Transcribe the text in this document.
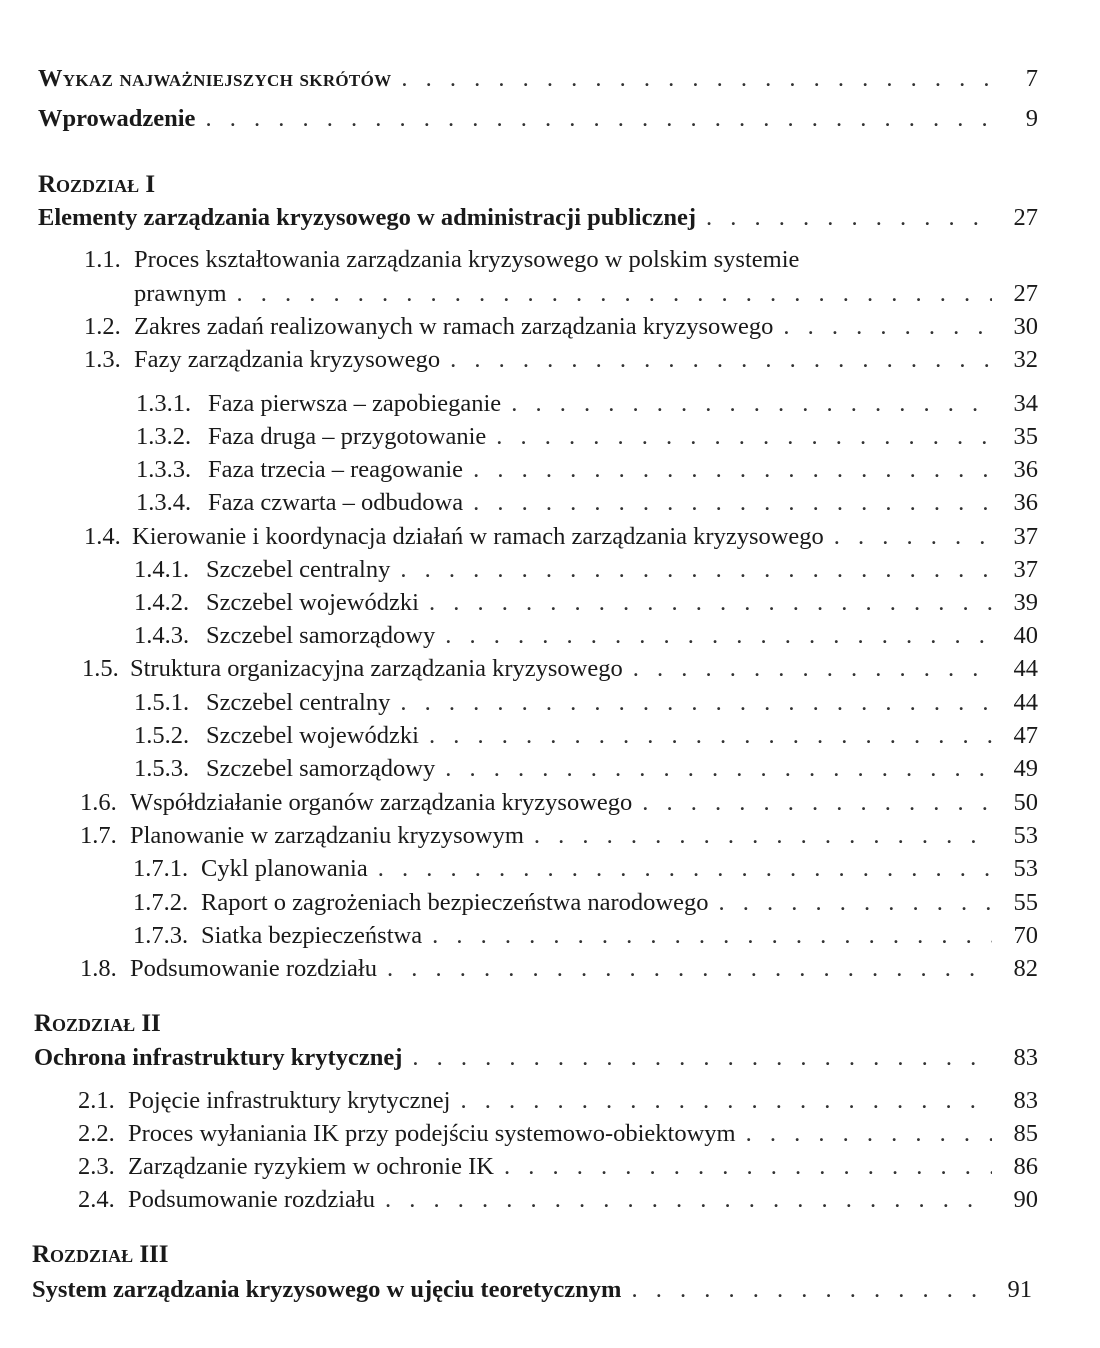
Wykaz najważniejszych skrótów . . .	7
Wprowadzenie . . .	9
Rozdział I
Elementy zarządzania kryzysowego w administracji publicznej . . .	27
1.1. Proces kształtowania zarządzania kryzysowego w polskim systemie
prawnym . . .	27
1.2. Zakres zadań realizowanych w ramach zarządzania kryzysowego . . .	30
1.3. Fazy zarządzania kryzysowego . . .	32
1.3.1. Faza pierwsza – zapobieganie . . .	34
1.3.2. Faza druga – przygotowanie . . .	35
1.3.3. Faza trzecia – reagowanie . . .	36
1.3.4. Faza czwarta – odbudowa . . .	36
1.4. Kierowanie i koordynacja działań w ramach zarządzania kryzysowego . . .	37
1.4.1. Szczebel centralny . . .	37
1.4.2. Szczebel wojewódzki . . .	39
1.4.3. Szczebel samorządowy . . .	40
1.5. Struktura organizacyjna zarządzania kryzysowego . . .	44
1.5.1. Szczebel centralny . . .	44
1.5.2. Szczebel wojewódzki . . .	47
1.5.3. Szczebel samorządowy . . .	49
1.6. Współdziałanie organów zarządzania kryzysowego . . .	50
1.7. Planowanie w zarządzaniu kryzysowym . . .	53
1.7.1. Cykl planowania . . .	53
1.7.2. Raport o zagrożeniach bezpieczeństwa narodowego . . .	55
1.7.3. Siatka bezpieczeństwa . . .	70
1.8. Podsumowanie rozdziału . . .	82
Rozdział II
Ochrona infrastruktury krytycznej . . .	83
2.1. Pojęcie infrastruktury krytycznej . . .	83
2.2. Proces wyłaniania IK przy podejściu systemowo-obiektowym . . .	85
2.3. Zarządzanie ryzykiem w ochronie IK . . .	86
2.4. Podsumowanie rozdziału . . .	90
Rozdział III
System zarządzania kryzysowego w ujęciu teoretycznym . . .	91
